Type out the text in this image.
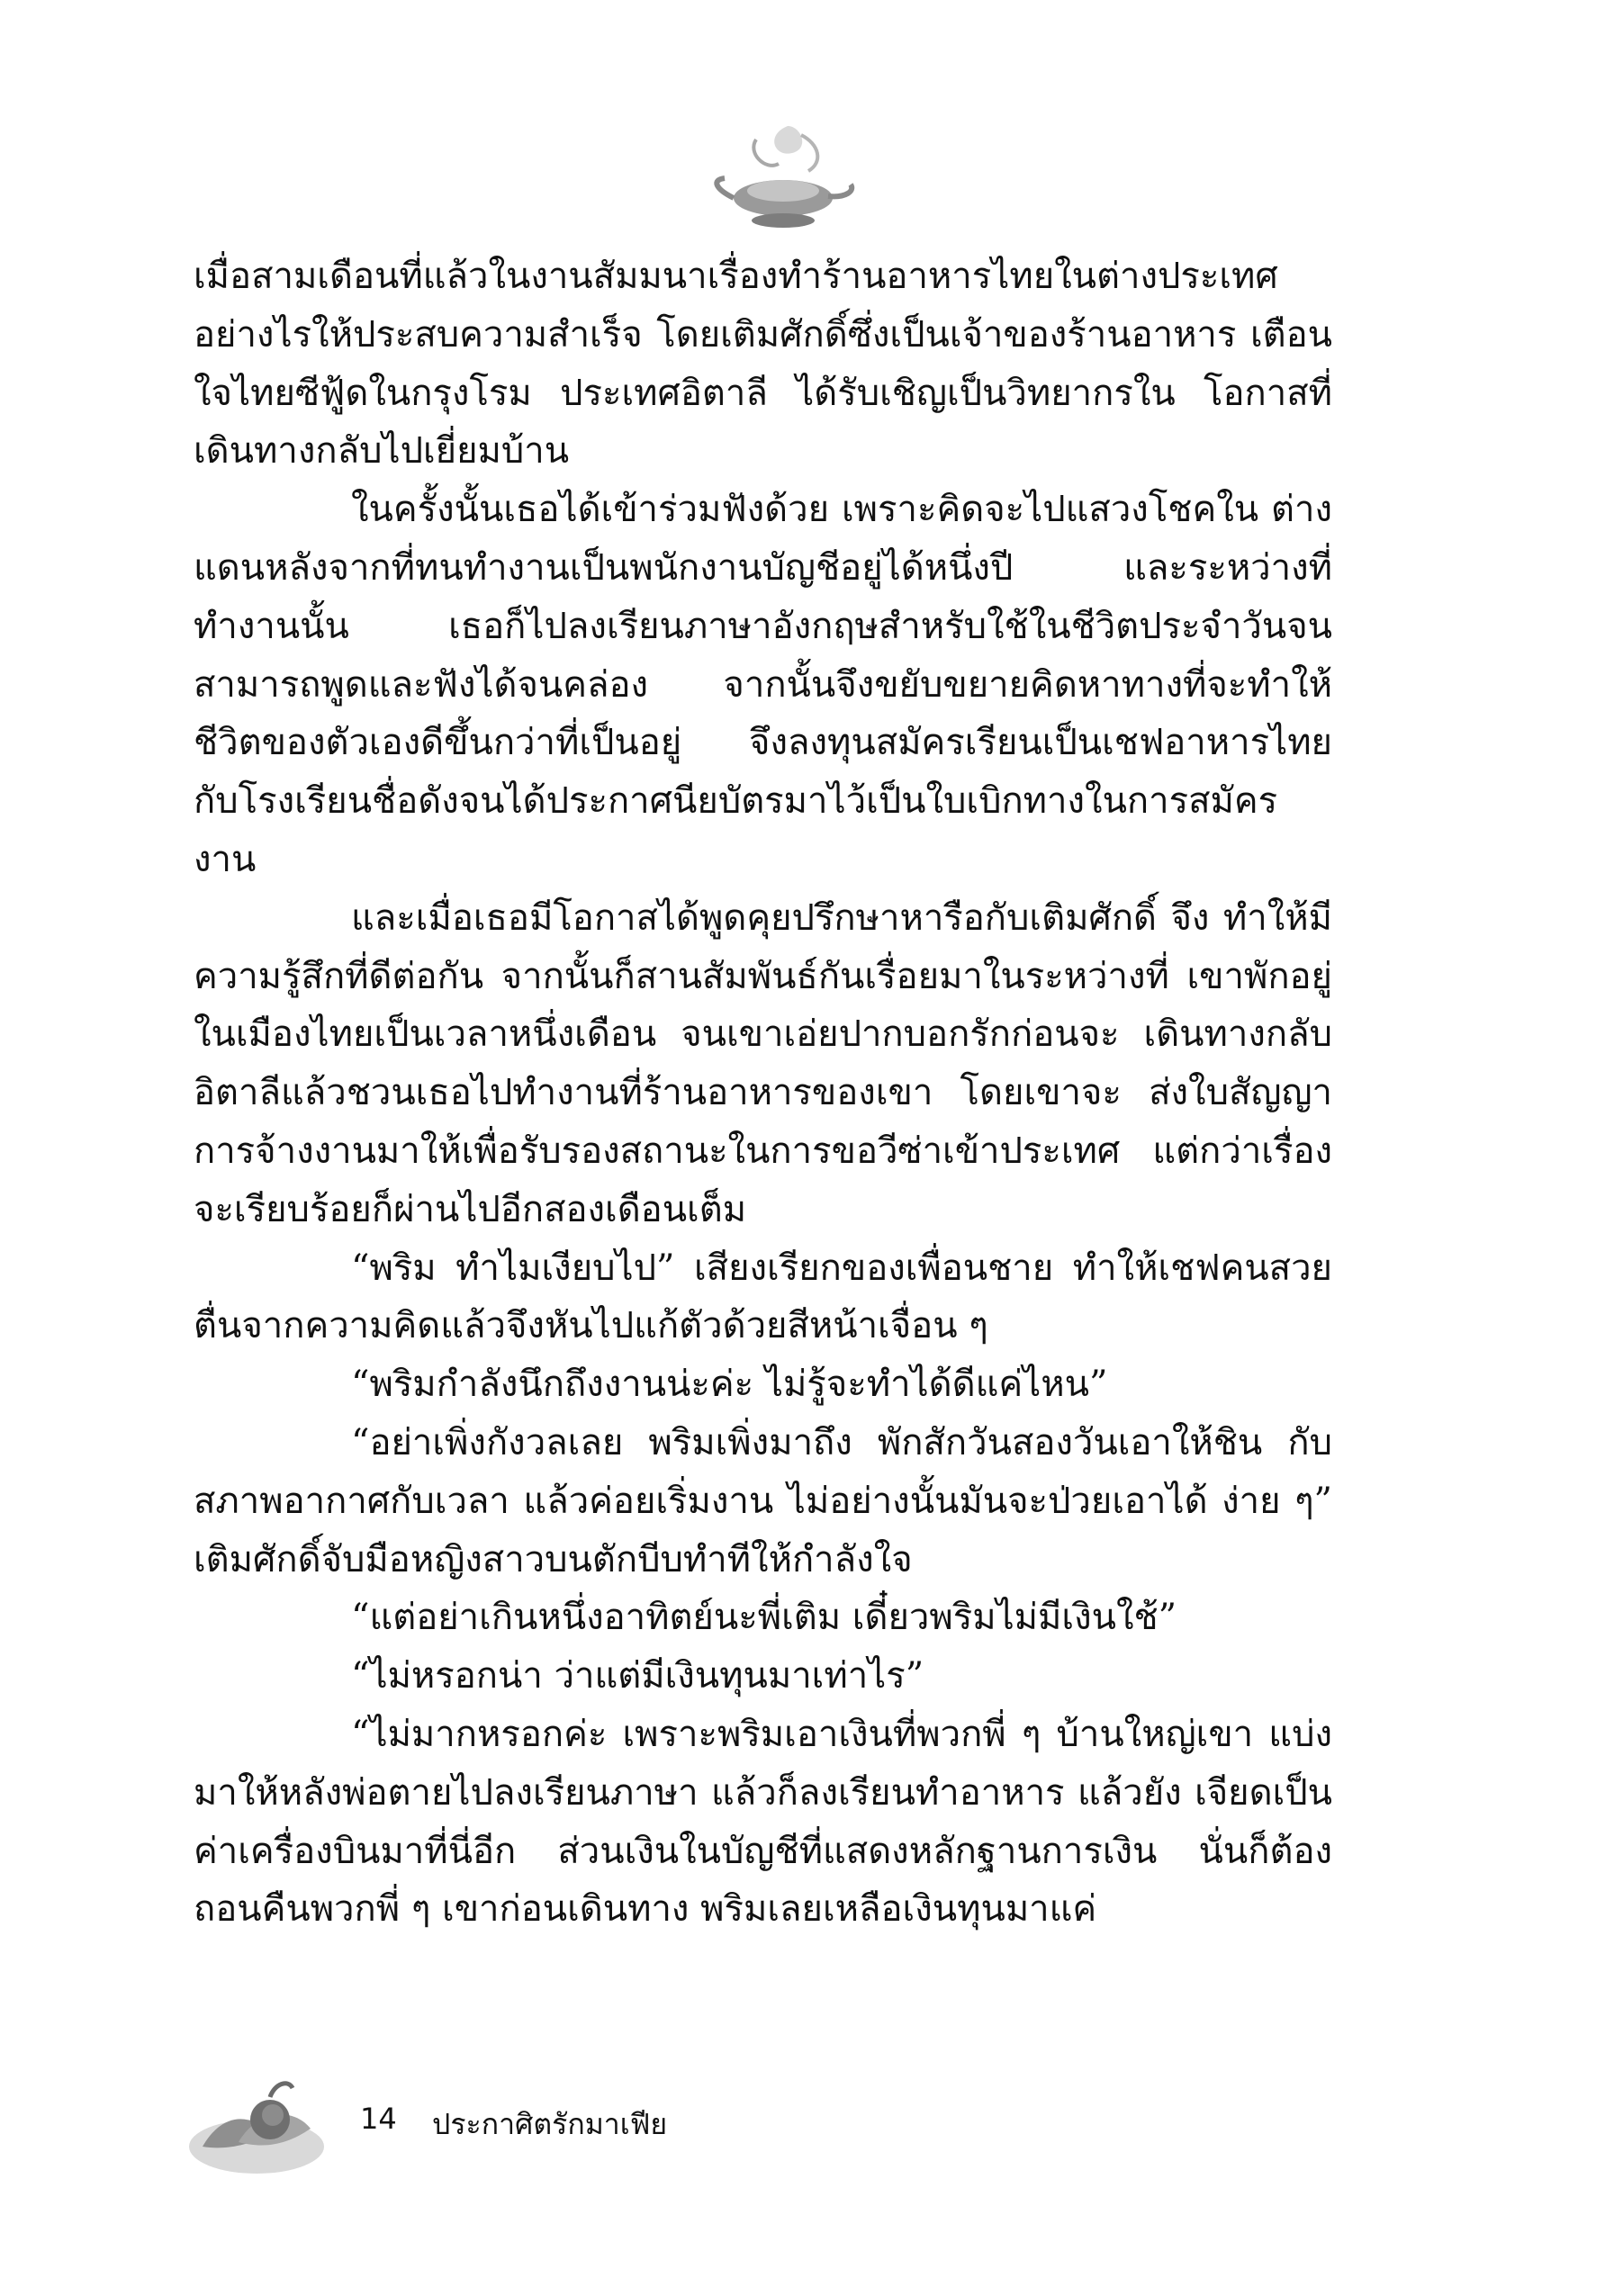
เมื่อสามเดือนที่แล้วในงานสัมมนาเรื่องทำร้านอาหารไทยในต่างประเทศ อย่างไรให้ประสบความสำเร็จ โดยเติมศักดิ์ซึ่งเป็นเจ้าของร้านอาหาร เตือนใจไทยซีฟู้ดในกรุงโรม ประเทศอิตาลี ได้รับเชิญเป็นวิทยากรใน โอกาสที่เดินทางกลับไปเยี่ยมบ้าน

ในครั้งนั้นเธอได้เข้าร่วมฟังด้วย เพราะคิดจะไปแสวงโชคใน ต่างแดนหลังจากที่ทนทำงานเป็นพนักงานบัญชีอยู่ได้หนึ่งปี และระหว่างที่ ทำงานนั้น เธอก็ไปลงเรียนภาษาอังกฤษสำหรับใช้ในชีวิตประจำวันจน สามารถพูดและฟังได้จนคล่อง จากนั้นจึงขยับขยายคิดหาทางที่จะทำให้ ชีวิตของตัวเองดีขึ้นกว่าที่เป็นอยู่ จึงลงทุนสมัครเรียนเป็นเชฟอาหารไทย กับโรงเรียนชื่อดังจนได้ประกาศนียบัตรมาไว้เป็นใบเบิกทางในการสมัครงาน

และเมื่อเธอมีโอกาสได้พูดคุยปรึกษาหารือกับเติมศักดิ์ จึง ทำให้มีความรู้สึกที่ดีต่อกัน จากนั้นก็สานสัมพันธ์กันเรื่อยมาในระหว่างที่ เขาพักอยู่ในเมืองไทยเป็นเวลาหนึ่งเดือน จนเขาเอ่ยปากบอกรักก่อนจะ เดินทางกลับอิตาลีแล้วชวนเธอไปทำงานที่ร้านอาหารของเขา โดยเขาจะ ส่งใบสัญญาการจ้างงานมาให้เพื่อรับรองสถานะในการขอวีซ่าเข้าประเทศ แต่กว่าเรื่องจะเรียบร้อยก็ผ่านไปอีกสองเดือนเต็ม

“พริม ทำไมเงียบไป” เสียงเรียกของเพื่อนชาย ทำให้เชฟคนสวย ตื่นจากความคิดแล้วจึงหันไปแก้ตัวด้วยสีหน้าเจื่อน ๆ

“พริมกำลังนึกถึงงานน่ะค่ะ ไม่รู้จะทำได้ดีแค่ไหน”

“อย่าเพิ่งกังวลเลย พริมเพิ่งมาถึง พักสักวันสองวันเอาให้ชิน กับสภาพอากาศกับเวลา แล้วค่อยเริ่มงาน ไม่อย่างนั้นมันจะป่วยเอาได้ ง่าย ๆ” เติมศักดิ์จับมือหญิงสาวบนตักบีบทำทีให้กำลังใจ

“แต่อย่าเกินหนึ่งอาทิตย์นะพี่เติม เดี๋ยวพริมไม่มีเงินใช้”

“ไม่หรอกน่า ว่าแต่มีเงินทุนมาเท่าไร”

“ไม่มากหรอกค่ะ เพราะพริมเอาเงินที่พวกพี่ ๆ บ้านใหญ่เขา แบ่งมาให้หลังพ่อตายไปลงเรียนภาษา แล้วก็ลงเรียนทำอาหาร แล้วยัง เจียดเป็นค่าเครื่องบินมาที่นี่อีก ส่วนเงินในบัญชีที่แสดงหลักฐานการเงิน นั่นก็ต้องถอนคืนพวกพี่ ๆ เขาก่อนเดินทาง พริมเลยเหลือเงินทุนมาแค่

14 ประกาศิตรักมาเฟีย
